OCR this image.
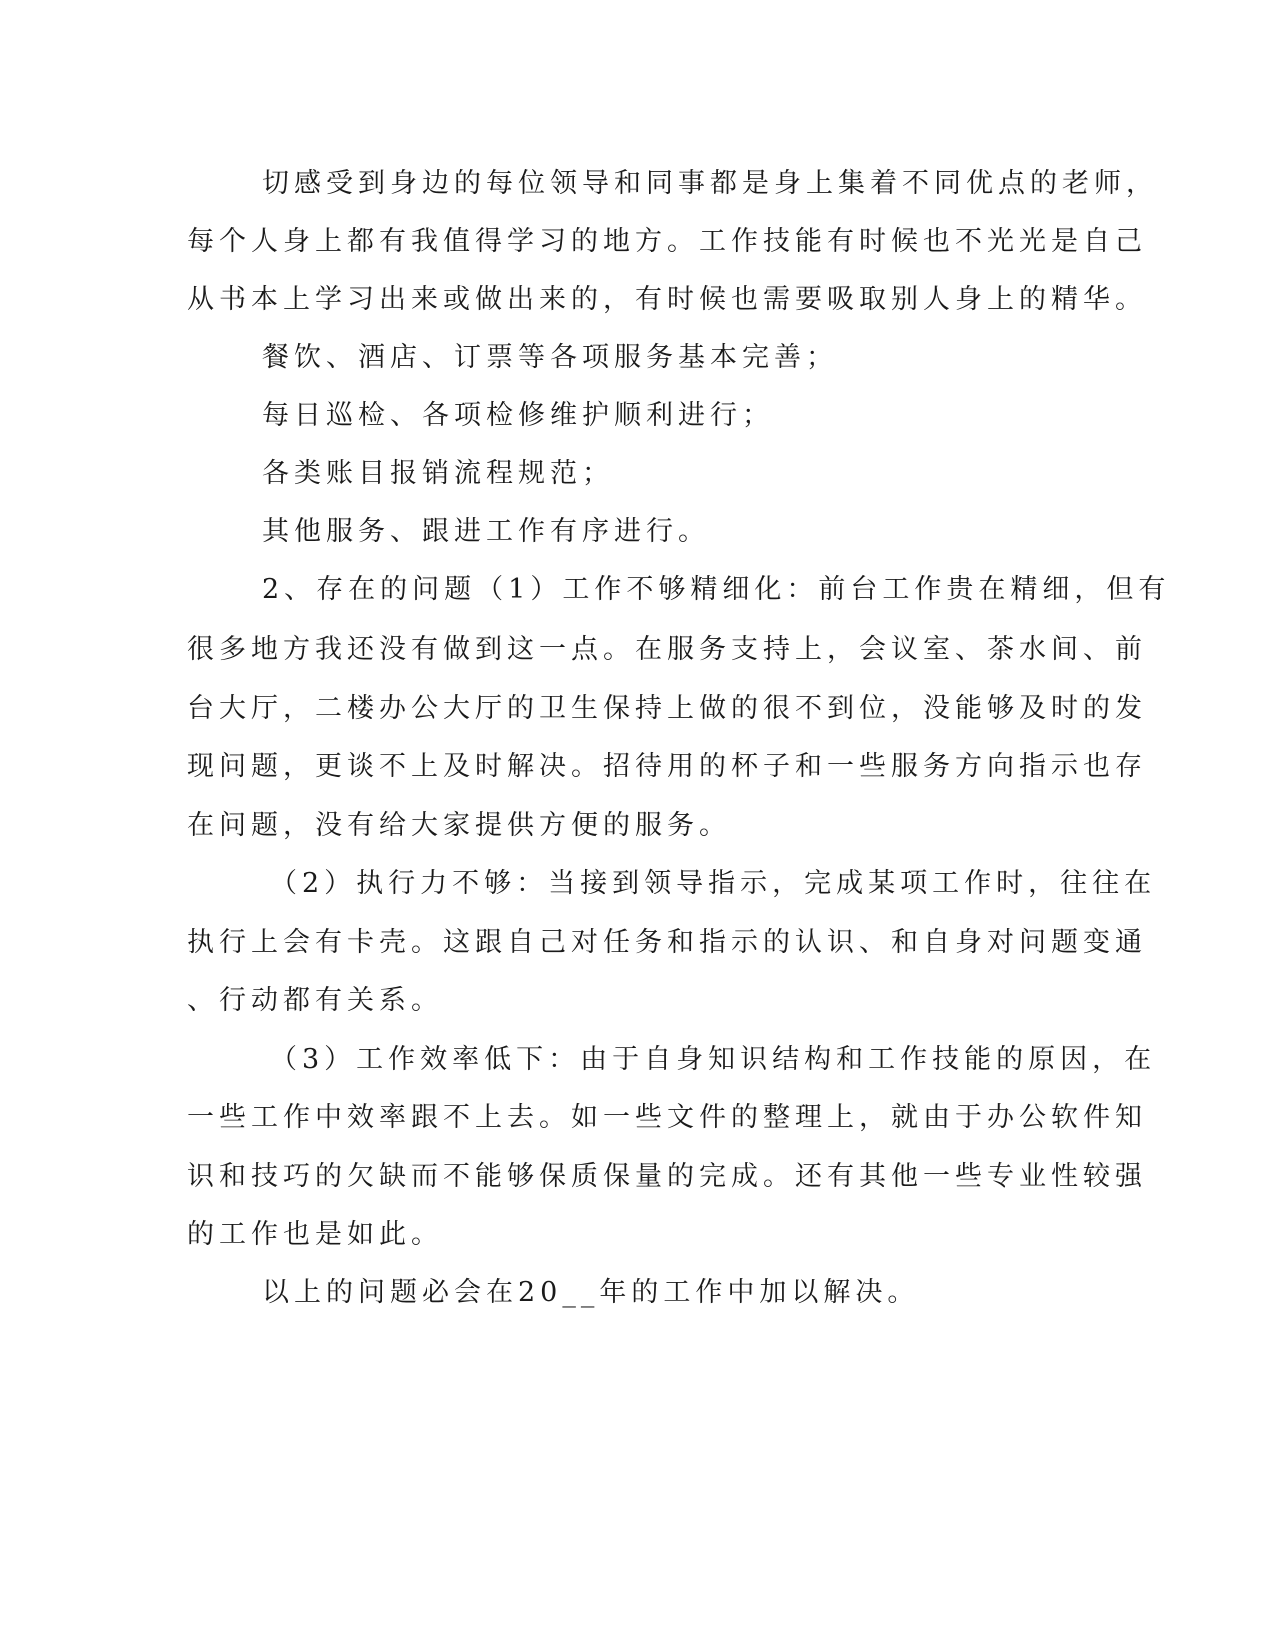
切感受到身边的每位领导和同事都是身上集着不同优点的老师，
每个人身上都有我值得学习的地方。工作技能有时候也不光光是自己
从书本上学习出来或做出来的，有时候也需要吸取别人身上的精华。
餐饮、酒店、订票等各项服务基本完善；
每日巡检、各项检修维护顺利进行；
各类账目报销流程规范；
其他服务、跟进工作有序进行。
2、存在的问题（1）工作不够精细化：前台工作贵在精细，但有
很多地方我还没有做到这一点。在服务支持上，会议室、茶水间、前
台大厅，二楼办公大厅的卫生保持上做的很不到位，没能够及时的发
现问题，更谈不上及时解决。招待用的杯子和一些服务方向指示也存
在问题，没有给大家提供方便的服务。
（2）执行力不够：当接到领导指示，完成某项工作时，往往在
执行上会有卡壳。这跟自己对任务和指示的认识、和自身对问题变通
、行动都有关系。
（3）工作效率低下：由于自身知识结构和工作技能的原因，在
一些工作中效率跟不上去。如一些文件的整理上，就由于办公软件知
识和技巧的欠缺而不能够保质保量的完成。还有其他一些专业性较强
的工作也是如此。
以上的问题必会在20__年的工作中加以解决。
